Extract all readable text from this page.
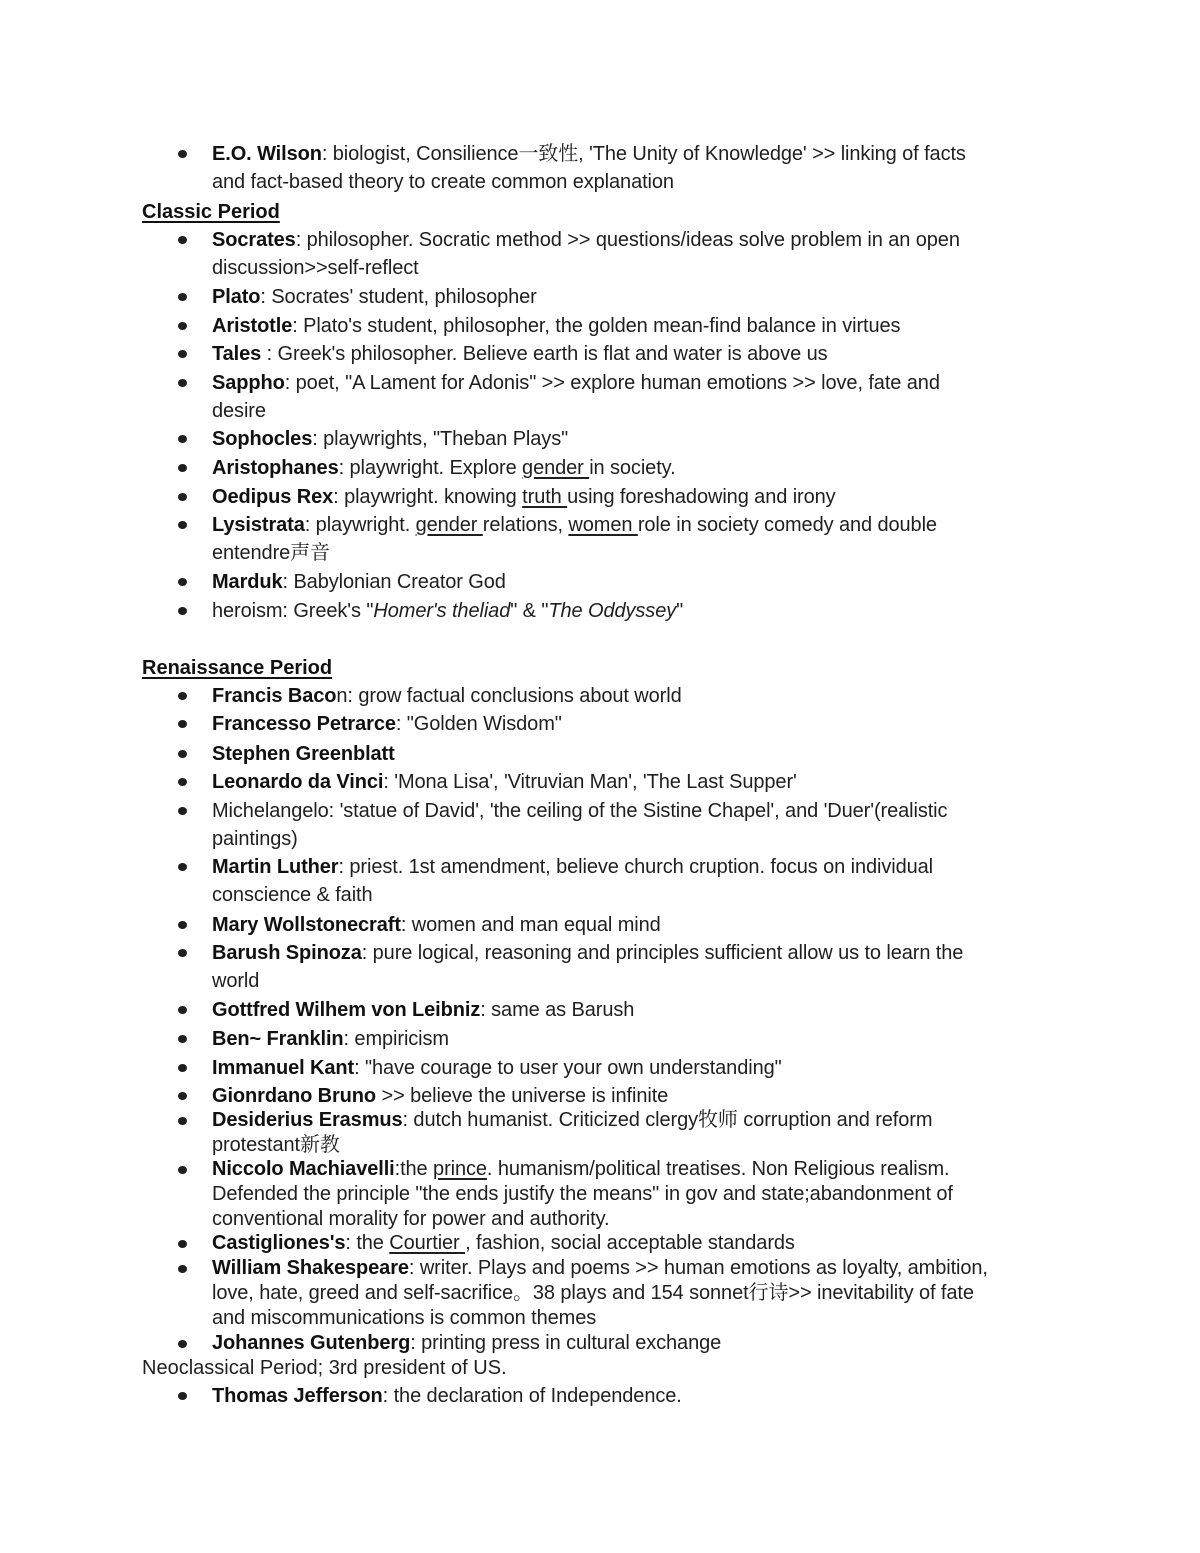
E.O. Wilson: biologist, Consilience一致性, 'The Unity of Knowledge' >> linking of facts
and fact-based theory to create common explanation
Classic Period
Socrates: philosopher. Socratic method >> questions/ideas solve problem in an open
discussion>>self-reflect
Plato: Socrates' student, philosopher
Aristotle: Plato's student, philosopher, the golden mean-find balance in virtues
Tales : Greek's philosopher. Believe earth is flat and water is above us
Sappho: poet, "A Lament for Adonis" >> explore human emotions >> love, fate and
desire
Sophocles: playwrights, "Theban Plays"
Aristophanes: playwright. Explore gender in society.
Oedipus Rex: playwright. knowing truth using foreshadowing and irony
Lysistrata: playwright. gender relations, women role in society comedy and double
entendre声音
Marduk: Babylonian Creator God
heroism: Greek's "Homer's theliad" & "The Oddyssey"
Renaissance Period
Francis Bacon: grow factual conclusions about world
Francesso Petrarce: "Golden Wisdom"
Stephen Greenblatt
Leonardo da Vinci: 'Mona Lisa', 'Vitruvian Man', 'The Last Supper'
Michelangelo: 'statue of David', 'the ceiling of the Sistine Chapel', and 'Duer'(realistic
paintings)
Martin Luther: priest. 1st amendment, believe church cruption. focus on individual
conscience & faith
Mary Wollstonecraft: women and man equal mind
Barush Spinoza: pure logical, reasoning and principles sufficient allow us to learn the
world
Gottfred Wilhem von Leibniz: same as Barush
Ben~ Franklin: empiricism
Immanuel Kant: "have courage to user your own understanding"
Gionrdano Bruno >> believe the universe is infinite
Desiderius Erasmus: dutch humanist. Criticized clergy牧师 corruption and reform
protestant新教
Niccolo Machiavelli:the prince. humanism/political treatises. Non Religious realism.
Defended the principle "the ends justify the means" in gov and state;abandonment of
conventional morality for power and authority.
Castigliones's: the Courtier , fashion, social acceptable standards
William Shakespeare: writer. Plays and poems >> human emotions as loyalty, ambition,
love, hate, greed and self-sacrifice。38 plays and 154 sonnet行诗>> inevitability of fate
and miscommunications is common themes
Johannes Gutenberg: printing press in cultural exchange
Neoclassical Period; 3rd president of US.
Thomas Jefferson: the declaration of Independence.
